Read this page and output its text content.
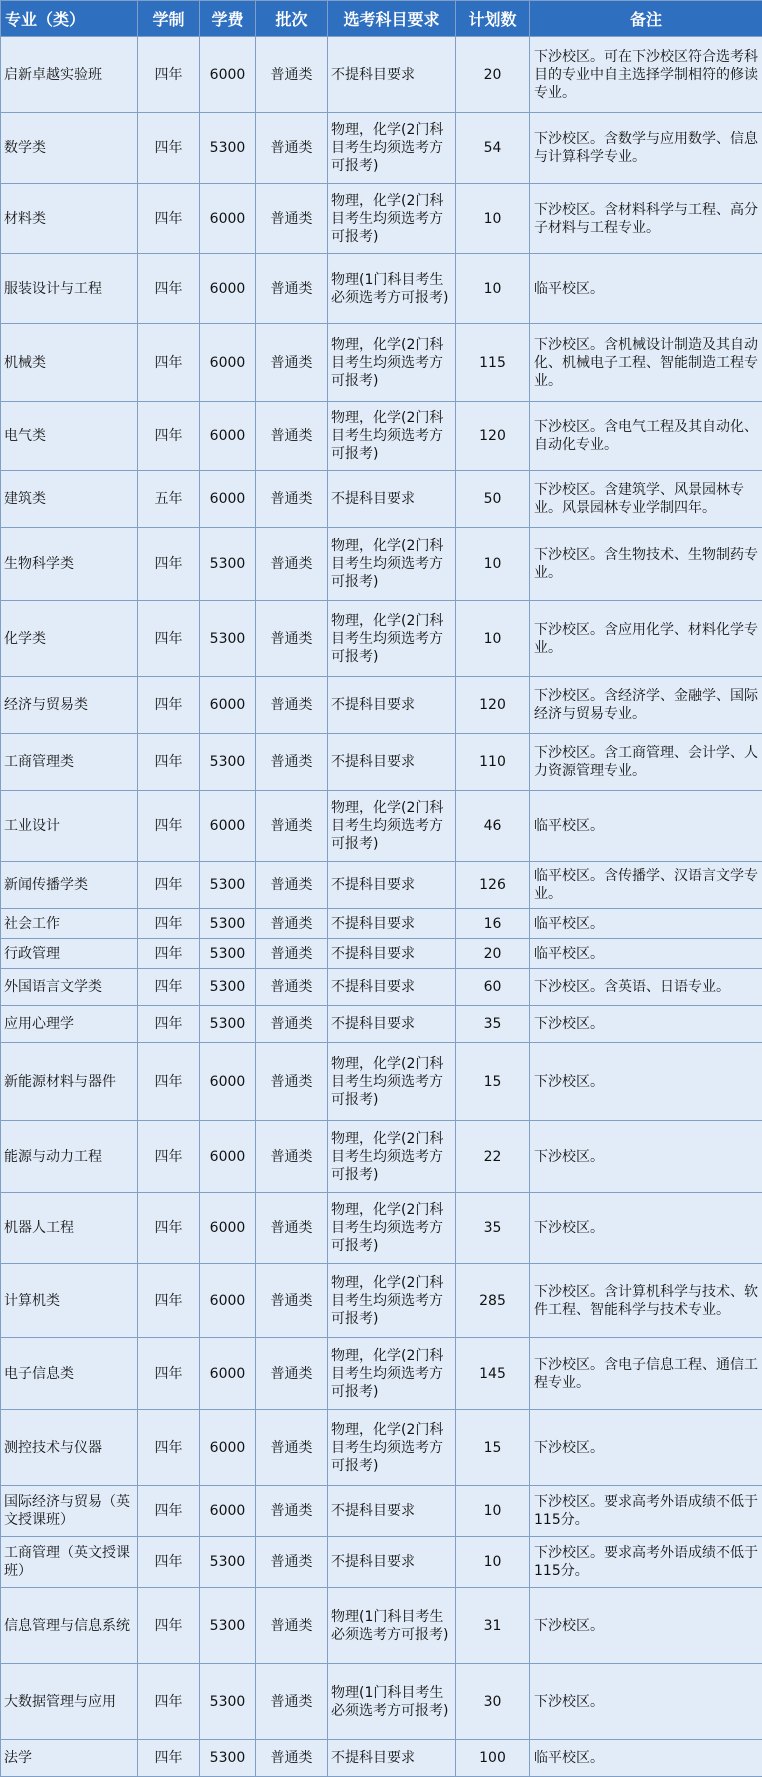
专业（类）	学制	学费	批次	选考科目要求	计划数	备注
启新卓越实验班	四年	6000	普通类	不提科目要求	20	下沙校区。可在下沙校区符合选考科目的专业中自主选择学制相符的修读专业。
数学类	四年	5300	普通类	物理，化学(2门科目考生均须选考方可报考)	54	下沙校区。含数学与应用数学、信息与计算科学专业。
材料类	四年	6000	普通类	物理，化学(2门科目考生均须选考方可报考)	10	下沙校区。含材料科学与工程、高分子材料与工程专业。
服装设计与工程	四年	6000	普通类	物理(1门科目考生必须选考方可报考)	10	临平校区。
机械类	四年	6000	普通类	物理，化学(2门科目考生均须选考方可报考)	115	下沙校区。含机械设计制造及其自动化、机械电子工程、智能制造工程专业。
电气类	四年	6000	普通类	物理，化学(2门科目考生均须选考方可报考)	120	下沙校区。含电气工程及其自动化、自动化专业。
建筑类	五年	6000	普通类	不提科目要求	50	下沙校区。含建筑学、风景园林专业。风景园林专业学制四年。
生物科学类	四年	5300	普通类	物理，化学(2门科目考生均须选考方可报考)	10	下沙校区。含生物技术、生物制药专业。
化学类	四年	5300	普通类	物理，化学(2门科目考生均须选考方可报考)	10	下沙校区。含应用化学、材料化学专业。
经济与贸易类	四年	6000	普通类	不提科目要求	120	下沙校区。含经济学、金融学、国际经济与贸易专业。
工商管理类	四年	5300	普通类	不提科目要求	110	下沙校区。含工商管理、会计学、人力资源管理专业。
工业设计	四年	6000	普通类	物理，化学(2门科目考生均须选考方可报考)	46	临平校区。
新闻传播学类	四年	5300	普通类	不提科目要求	126	临平校区。含传播学、汉语言文学专业。
社会工作	四年	5300	普通类	不提科目要求	16	临平校区。
行政管理	四年	5300	普通类	不提科目要求	20	临平校区。
外国语言文学类	四年	5300	普通类	不提科目要求	60	下沙校区。含英语、日语专业。
应用心理学	四年	5300	普通类	不提科目要求	35	下沙校区。
新能源材料与器件	四年	6000	普通类	物理，化学(2门科目考生均须选考方可报考)	15	下沙校区。
能源与动力工程	四年	6000	普通类	物理，化学(2门科目考生均须选考方可报考)	22	下沙校区。
机器人工程	四年	6000	普通类	物理，化学(2门科目考生均须选考方可报考)	35	下沙校区。
计算机类	四年	6000	普通类	物理，化学(2门科目考生均须选考方可报考)	285	下沙校区。含计算机科学与技术、软件工程、智能科学与技术专业。
电子信息类	四年	6000	普通类	物理，化学(2门科目考生均须选考方可报考)	145	下沙校区。含电子信息工程、通信工程专业。
测控技术与仪器	四年	6000	普通类	物理，化学(2门科目考生均须选考方可报考)	15	下沙校区。
国际经济与贸易（英文授课班）	四年	6000	普通类	不提科目要求	10	下沙校区。要求高考外语成绩不低于115分。
工商管理（英文授课班）	四年	5300	普通类	不提科目要求	10	下沙校区。要求高考外语成绩不低于115分。
信息管理与信息系统	四年	5300	普通类	物理(1门科目考生必须选考方可报考)	31	下沙校区。
大数据管理与应用	四年	5300	普通类	物理(1门科目考生必须选考方可报考)	30	下沙校区。
法学	四年	5300	普通类	不提科目要求	100	临平校区。
